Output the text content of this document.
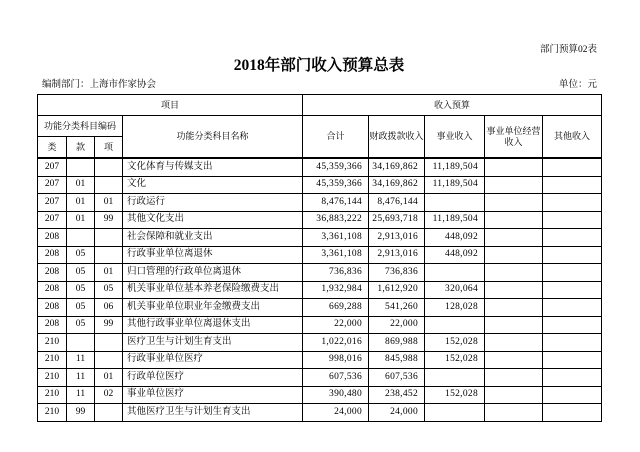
部门预算02表
2018年部门收入预算总表
编制部门：上海市作家协会	单位：元
项目				收入预算				
功能分类科目编码			功能分类科目名称	合计	财政拨款收入	事业收入	事业单位经营收入	其他收入
类	款	项						
207			文化体育与传媒支出	45,359,366	34,169,862	11,189,504		
207	01		文化	45,359,366	34,169,862	11,189,504		
207	01	01	行政运行	8,476,144	8,476,144			
207	01	99	其他文化支出	36,883,222	25,693,718	11,189,504		
208			社会保障和就业支出	3,361,108	2,913,016	448,092		
208	05		行政事业单位离退休	3,361,108	2,913,016	448,092		
208	05	01	归口管理的行政单位离退休	736,836	736,836			
208	05	05	机关事业单位基本养老保险缴费支出	1,932,984	1,612,920	320,064		
208	05	06	机关事业单位职业年金缴费支出	669,288	541,260	128,028		
208	05	99	其他行政事业单位离退休支出	22,000	22,000			
210			医疗卫生与计划生育支出	1,022,016	869,988	152,028		
210	11		行政事业单位医疗	998,016	845,988	152,028		
210	11	01	行政单位医疗	607,536	607,536			
210	11	02	事业单位医疗	390,480	238,452	152,028		
210	99		其他医疗卫生与计划生育支出	24,000	24,000			
